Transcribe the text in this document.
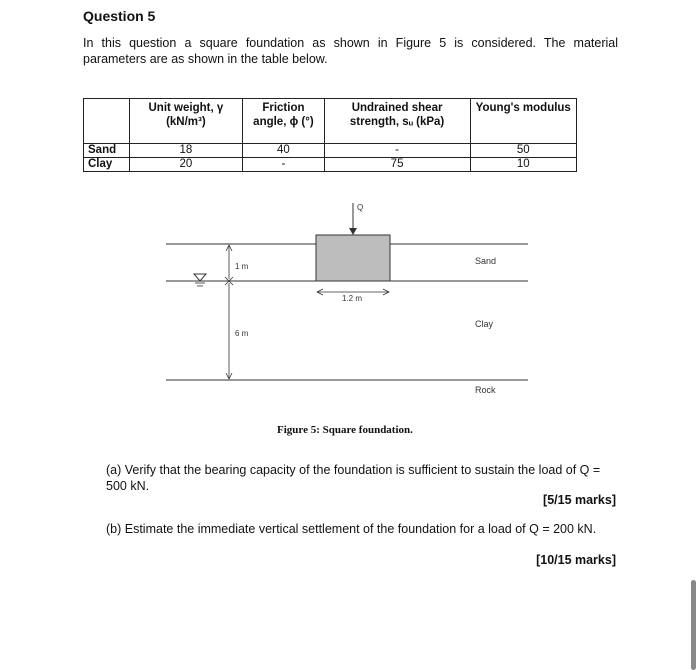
Question 5
In this question a square foundation as shown in Figure 5 is considered. The material parameters are as shown in the table below.
	Unit weight, γ (kN/m³)	Friction angle, ϕ (°)	Undrained shear strength, sᵤ (kPa)	Young's modulus
Sand	18	40	-	50
Clay	20	-	75	10
Q
1.2 m
1 m
6 m
Sand
Clay
Rock
Figure 5: Square foundation.
(a) Verify that the bearing capacity of the foundation is sufficient to sustain the load of Q = 500 kN.
[5/15 marks]
(b) Estimate the immediate vertical settlement of the foundation for a load of Q = 200 kN.
[10/15 marks]
